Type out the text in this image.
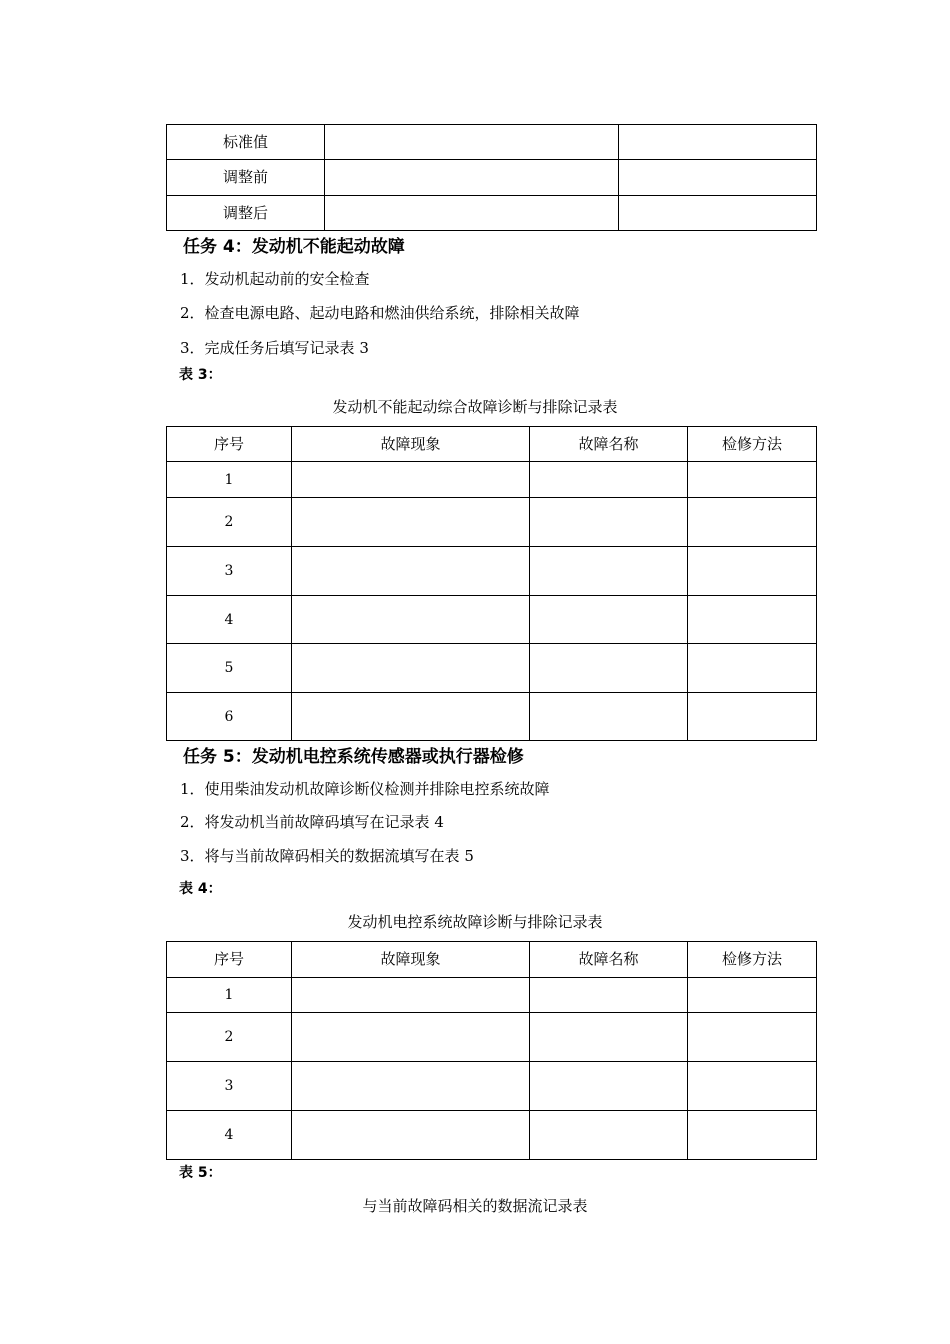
标准值		
调整前		
调整后		
任务 4：发动机不能起动故障
1．发动机起动前的安全检查
2．检查电源电路、起动电路和燃油供给系统，排除相关故障
3．完成任务后填写记录表 3
表 3：
发动机不能起动综合故障诊断与排除记录表
序号	故障现象	故障名称	检修方法
1			
2			
3			
4			
5			
6			
任务 5：发动机电控系统传感器或执行器检修
1．使用柴油发动机故障诊断仪检测并排除电控系统故障
2．将发动机当前故障码填写在记录表 4
3．将与当前故障码相关的数据流填写在表 5
表 4：
发动机电控系统故障诊断与排除记录表
序号	故障现象	故障名称	检修方法
1			
2			
3			
4			
表 5：
与当前故障码相关的数据流记录表
